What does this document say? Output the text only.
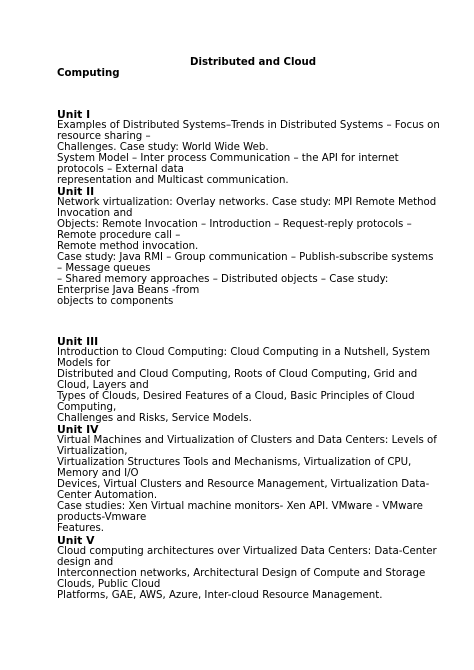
Distributed and Cloud
Computing
Unit I
Examples of Distributed Systems–Trends in Distributed Systems – Focus on
resource sharing –
Challenges. Case study: World Wide Web.
System Model – Inter process Communication – the API for internet
protocols – External data
representation and Multicast communication.
Unit II
Network virtualization: Overlay networks. Case study: MPI Remote Method
Invocation and
Objects: Remote Invocation – Introduction – Request-reply protocols –
Remote procedure call –
Remote method invocation.
Case study: Java RMI – Group communication – Publish-subscribe systems
– Message queues
– Shared memory approaches – Distributed objects – Case study:
Enterprise Java Beans -from
objects to components
Unit III
Introduction to Cloud Computing: Cloud Computing in a Nutshell, System
Models for
Distributed and Cloud Computing, Roots of Cloud Computing, Grid and
Cloud, Layers and
Types of Clouds, Desired Features of a Cloud, Basic Principles of Cloud
Computing,
Challenges and Risks, Service Models.
Unit IV
Virtual Machines and Virtualization of Clusters and Data Centers: Levels of
Virtualization,
Virtualization Structures Tools and Mechanisms, Virtualization of CPU,
Memory and I/O
Devices, Virtual Clusters and Resource Management, Virtualization Data-
Center Automation.
Case studies: Xen Virtual machine monitors- Xen API. VMware - VMware
products-Vmware
Features.
Unit V
Cloud computing architectures over Virtualized Data Centers: Data-Center
design and
Interconnection networks, Architectural Design of Compute and Storage
Clouds, Public Cloud
Platforms, GAE, AWS, Azure, Inter-cloud Resource Management.
